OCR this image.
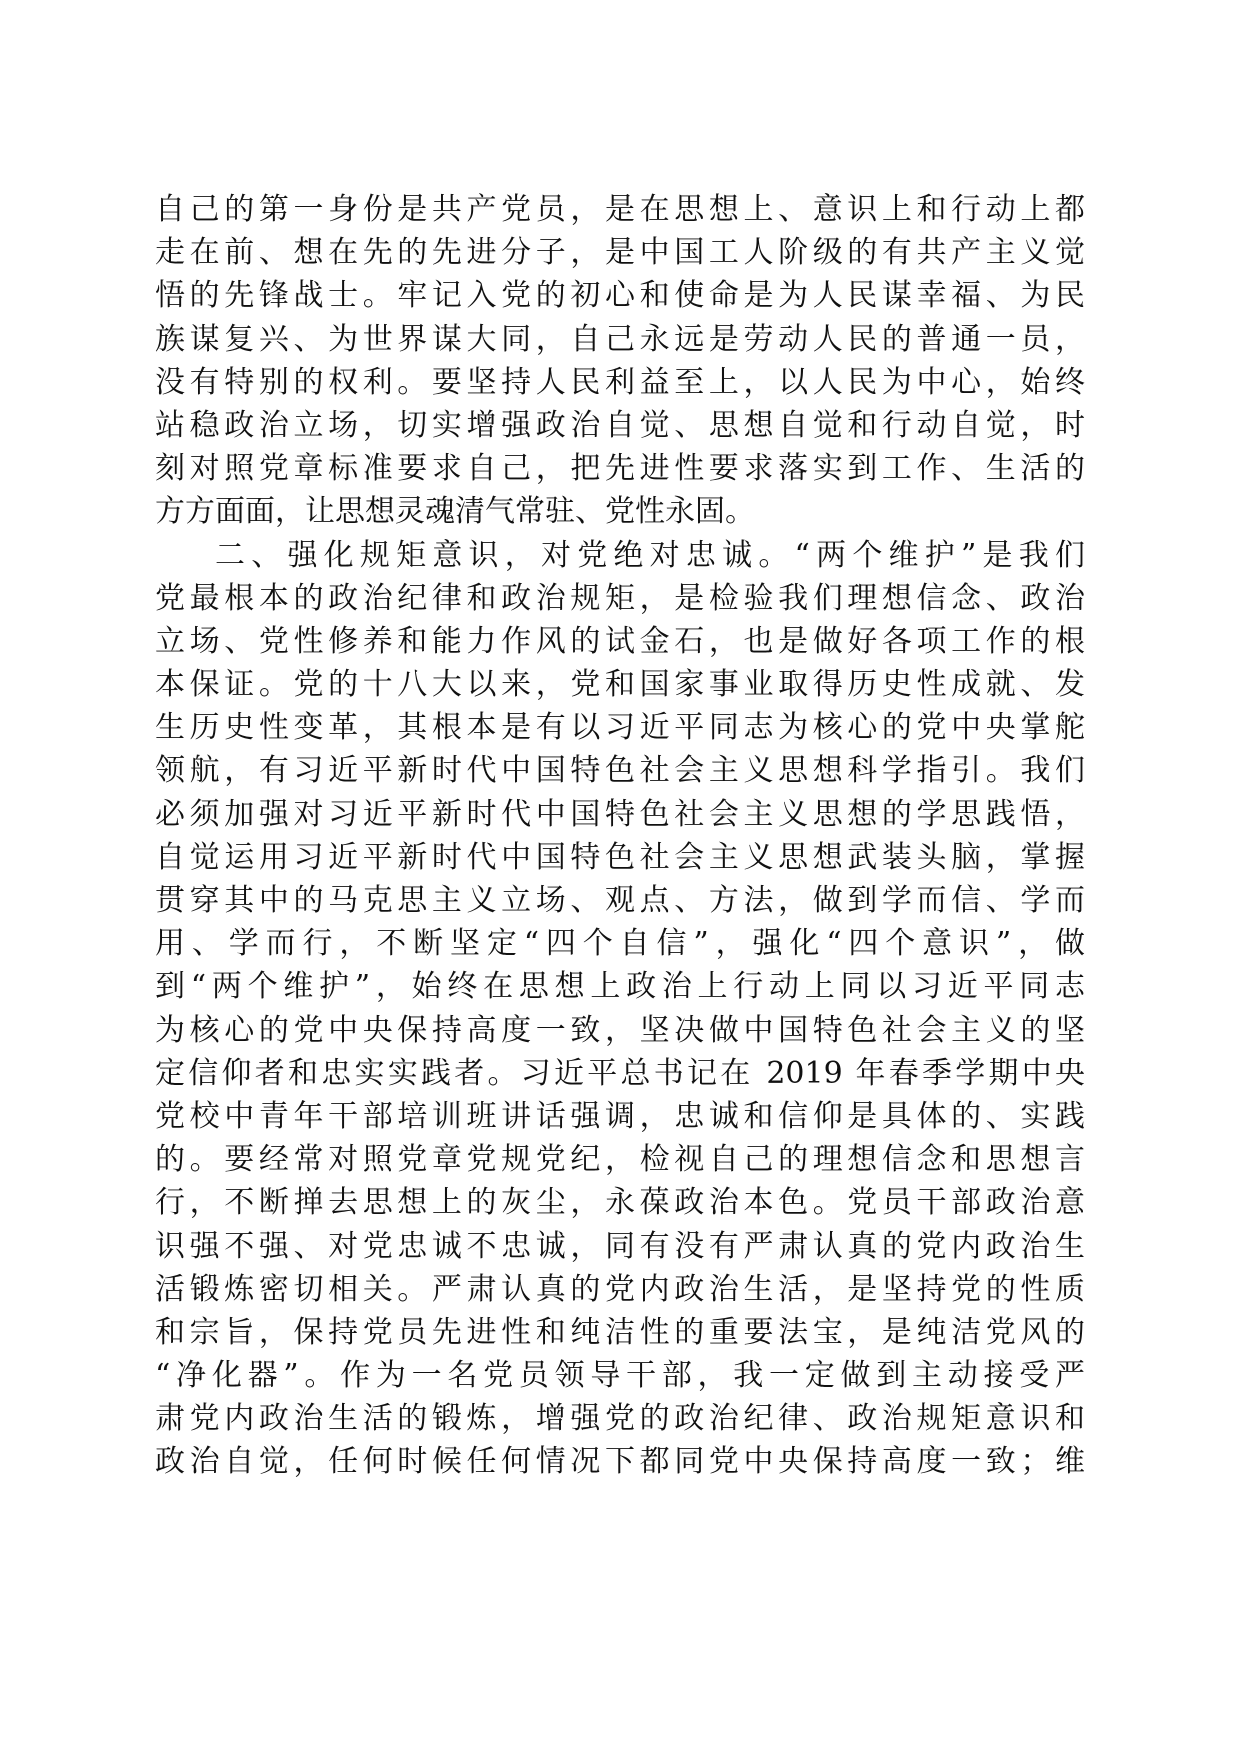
自己的第一身份是共产党员，是在思想上、意识上和行动上都
走在前、想在先的先进分子，是中国工人阶级的有共产主义觉
悟的先锋战士。牢记入党的初心和使命是为人民谋幸福、为民
族谋复兴、为世界谋大同，自己永远是劳动人民的普通一员，
没有特别的权利。要坚持人民利益至上，以人民为中心，始终
站稳政治立场，切实增强政治自觉、思想自觉和行动自觉，时
刻对照党章标准要求自己，把先进性要求落实到工作、生活的
方方面面，让思想灵魂清气常驻、党性永固。
二、强化规矩意识，对党绝对忠诚。“两个维护”是我们
党最根本的政治纪律和政治规矩，是检验我们理想信念、政治
立场、党性修养和能力作风的试金石，也是做好各项工作的根
本保证。党的十八大以来，党和国家事业取得历史性成就、发
生历史性变革，其根本是有以习近平同志为核心的党中央掌舵
领航，有习近平新时代中国特色社会主义思想科学指引。我们
必须加强对习近平新时代中国特色社会主义思想的学思践悟，
自觉运用习近平新时代中国特色社会主义思想武装头脑，掌握
贯穿其中的马克思主义立场、观点、方法，做到学而信、学而
用、学而行，不断坚定“四个自信”，强化“四个意识”，做
到“两个维护”，始终在思想上政治上行动上同以习近平同志
为核心的党中央保持高度一致，坚决做中国特色社会主义的坚
定信仰者和忠实实践者。习近平总书记在 2019 年春季学期中央
党校中青年干部培训班讲话强调，忠诚和信仰是具体的、实践
的。要经常对照党章党规党纪，检视自己的理想信念和思想言
行，不断掸去思想上的灰尘，永葆政治本色。党员干部政治意
识强不强、对党忠诚不忠诚，同有没有严肃认真的党内政治生
活锻炼密切相关。严肃认真的党内政治生活，是坚持党的性质
和宗旨，保持党员先进性和纯洁性的重要法宝，是纯洁党风的
“净化器”。作为一名党员领导干部，我一定做到主动接受严
肃党内政治生活的锻炼，增强党的政治纪律、政治规矩意识和
政治自觉，任何时候任何情况下都同党中央保持高度一致；维
